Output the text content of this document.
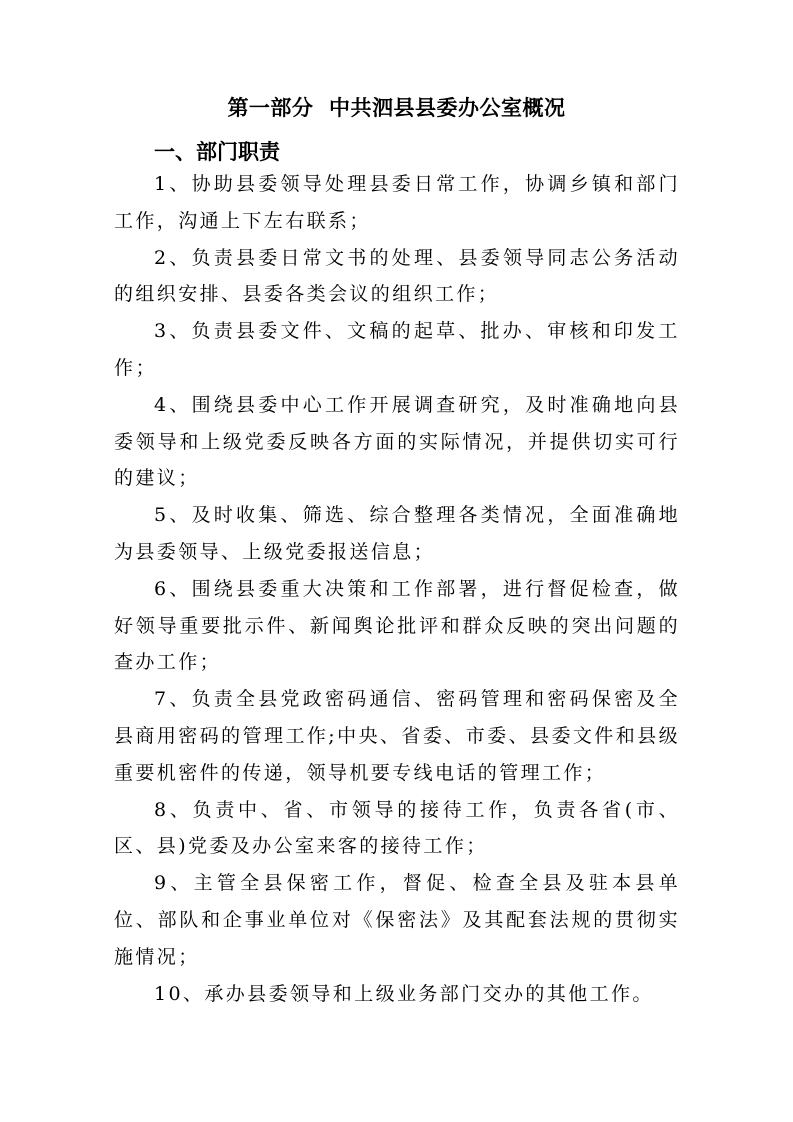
第一部分  中共泗县县委办公室概况
一、部门职责

1、协助县委领导处理县委日常工作，协调乡镇和部门工作，沟通上下左右联系；

2、负责县委日常文书的处理、县委领导同志公务活动的组织安排、县委各类会议的组织工作；

3、负责县委文件、文稿的起草、批办、审核和印发工作；

4、围绕县委中心工作开展调查研究，及时准确地向县委领导和上级党委反映各方面的实际情况，并提供切实可行的建议；

5、及时收集、筛选、综合整理各类情况，全面准确地为县委领导、上级党委报送信息；

6、围绕县委重大决策和工作部署，进行督促检查，做好领导重要批示件、新闻舆论批评和群众反映的突出问题的查办工作；

7、负责全县党政密码通信、密码管理和密码保密及全县商用密码的管理工作;中央、省委、市委、县委文件和县级重要机密件的传递，领导机要专线电话的管理工作；

8、负责中、省、市领导的接待工作，负责各省(市、区、县)党委及办公室来客的接待工作；

9、主管全县保密工作，督促、检查全县及驻本县单位、部队和企事业单位对《保密法》及其配套法规的贯彻实施情况；

10、承办县委领导和上级业务部门交办的其他工作。
